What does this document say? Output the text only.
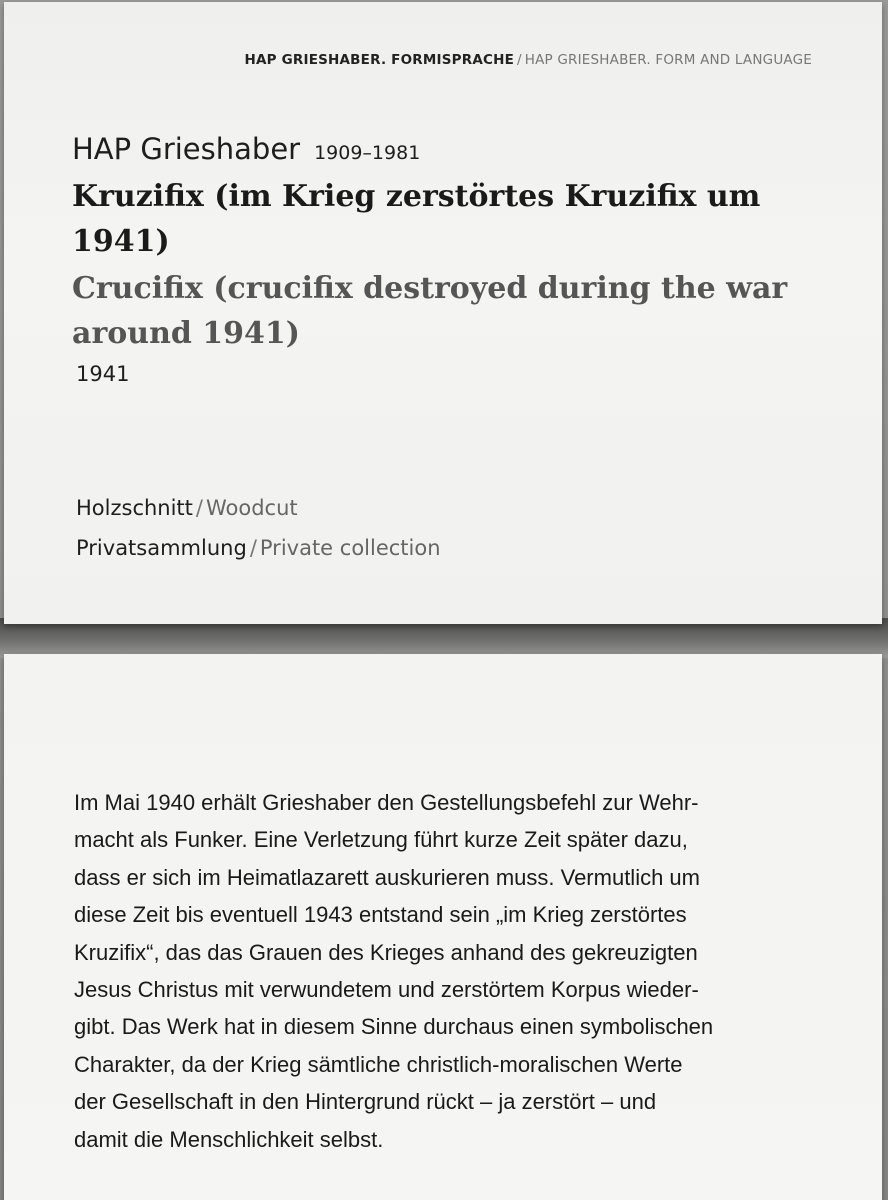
HAP GRIESHABER. FORMISPRACHE / HAP GRIESHABER. FORM AND LANGUAGE
HAP Grieshaber 1909–1981
Kruzifix (im Krieg zerstörtes Kruzifix um
1941)
Crucifix (crucifix destroyed during the war
around 1941)
1941
Holzschnitt / Woodcut
Privatsammlung / Private collection

Im Mai 1940 erhält Grieshaber den Gestellungsbefehl zur Wehr-
macht als Funker. Eine Verletzung führt kurze Zeit später dazu,
dass er sich im Heimatlazarett auskurieren muss. Vermutlich um
diese Zeit bis eventuell 1943 entstand sein „im Krieg zerstörtes
Kruzifix“, das das Grauen des Krieges anhand des gekreuzigten
Jesus Christus mit verwundetem und zerstörtem Korpus wieder-
gibt. Das Werk hat in diesem Sinne durchaus einen symbolischen
Charakter, da der Krieg sämtliche christlich-moralischen Werte
der Gesellschaft in den Hintergrund rückt – ja zerstört – und
damit die Menschlichkeit selbst.
